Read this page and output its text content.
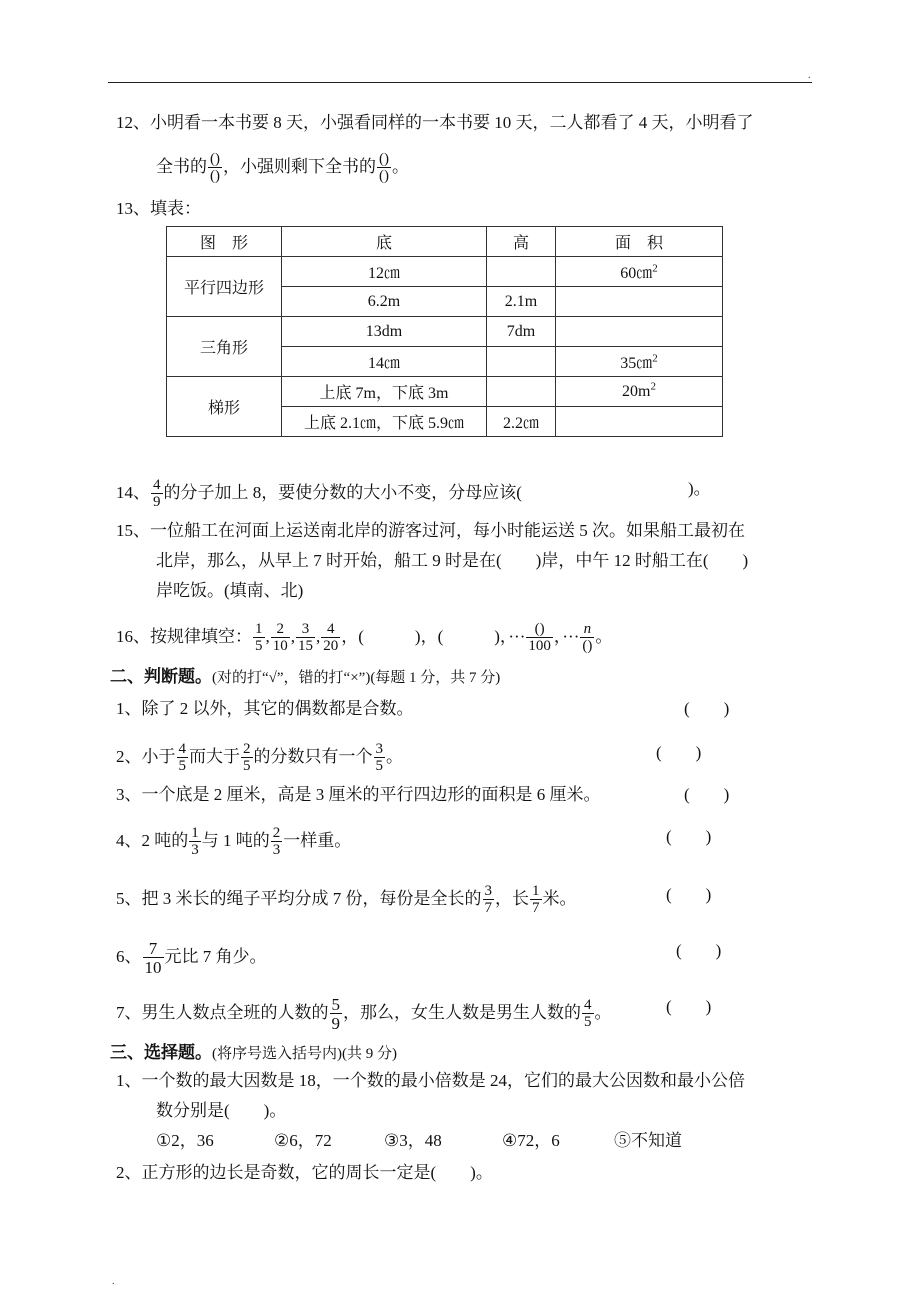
.
.
12、小明看一本书要 8 天，小强看同样的一本书要 10 天，二人都看了 4 天，小明看了
全书的 $\frac{()}{()}$ ，小强则剩下全书的 $\frac{()}{()}$ 。
13、填表：
图　形	底	高	面　积
平行四边形	12㎝		60㎝$^2$
	6.2m	2.1m	
三角形	13dm	7dm	
	14㎝		35㎝$^2$
梯形	上底 7m，下底 3m		$20m^2$
	上底 2.1㎝，下底 5.9㎝	2.2㎝	
14、 $\frac{4}{9}$ 的分子加上 8，要使分数的大小不变，分母应该(	)。
15、一位船工在河面上运送南北岸的游客过河，每小时能运送 5 次。如果船工最初在
北岸，那么，从早上 7 时开始，船工 9 时是在(　　)岸，中午 12 时船工在(　　)
岸吃饭。(填南、北)
16、按规律填空： $\frac{1}{5}$ , $\frac{2}{10}$ , $\frac{3}{15}$ , $\frac{4}{20}$ ，(　　　)，(　　　)，··· $\frac{()}{100}$ ，··· $\frac{n}{()}$ 。
二、判断题。(对的打“√”，错的打“×”)(每题 1 分，共 7 分)
1、除了 2 以外，其它的偶数都是合数。	(　　)
2、小于 $\frac{4}{5}$ 而大于 $\frac{2}{5}$ 的分数只有一个 $\frac{3}{5}$ 。	(　　)
3、一个底是 2 厘米，高是 3 厘米的平行四边形的面积是 6 厘米。	(　　)
4、2 吨的 $\frac{1}{3}$ 与 1 吨的 $\frac{2}{3}$ 一样重。	(　　)
5、把 3 米长的绳子平均分成 7 份，每份是全长的 $\frac{3}{7}$ ，长 $\frac{1}{7}$ 米。	(　　)
6、 $\frac{7}{10}$ 元比 7 角少。	(　　)
7、男生人数点全班的人数的 $\frac{5}{9}$ ，那么，女生人数是男生人数的 $\frac{4}{5}$ 。	(　　)
三、选择题。(将序号选入括号内)(共 9 分)
1、一个数的最大因数是 18，一个数的最小倍数是 24，它们的最大公因数和最小公倍
数分别是(　　)。
①2，36	②6，72	③3，48	④72，6	⑤不知道
2、正方形的边长是奇数，它的周长一定是(　　)。
